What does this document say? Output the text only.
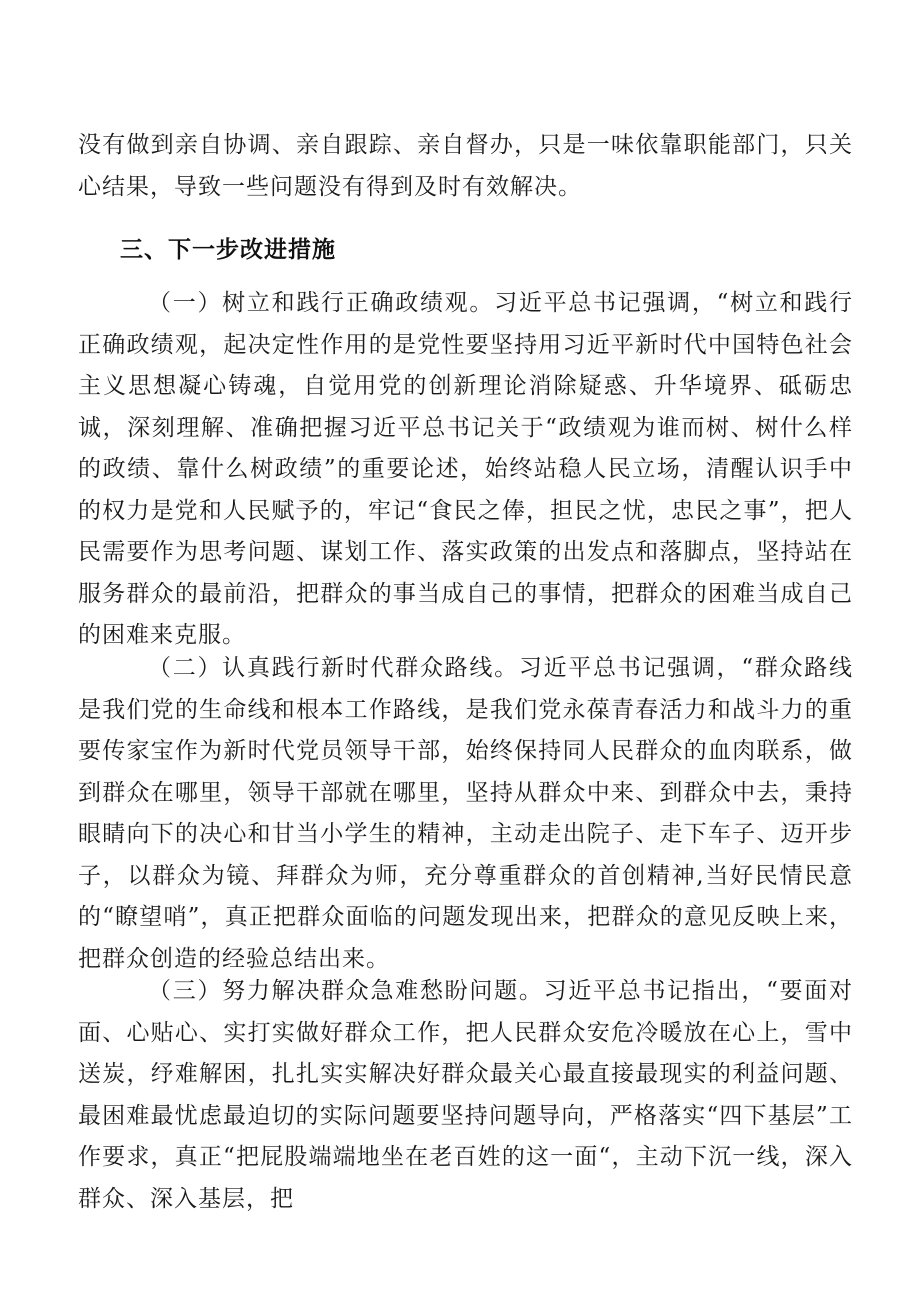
没有做到亲自协调、亲自跟踪、亲自督办，只是一味依靠职能部门，只关心结果，导致一些问题没有得到及时有效解决。

三、下一步改进措施

（一）树立和践行正确政绩观。习近平总书记强调，“树立和践行正确政绩观，起决定性作用的是党性要坚持用习近平新时代中国特色社会主义思想凝心铸魂，自觉用党的创新理论消除疑惑、升华境界、砥砺忠诚，深刻理解、准确把握习近平总书记关于“政绩观为谁而树、树什么样的政绩、靠什么树政绩”的重要论述，始终站稳人民立场，清醒认识手中的权力是党和人民赋予的，牢记“食民之俸，担民之忧，忠民之事”，把人民需要作为思考问题、谋划工作、落实政策的出发点和落脚点，坚持站在服务群众的最前沿，把群众的事当成自己的事情，把群众的困难当成自己的困难来克服。

（二）认真践行新时代群众路线。习近平总书记强调，“群众路线是我们党的生命线和根本工作路线，是我们党永葆青春活力和战斗力的重要传家宝作为新时代党员领导干部，始终保持同人民群众的血肉联系，做到群众在哪里，领导干部就在哪里，坚持从群众中来、到群众中去，秉持眼睛向下的决心和甘当小学生的精神，主动走出院子、走下车子、迈开步子，以群众为镜、拜群众为师，充分尊重群众的首创精神,当好民情民意的“瞭望哨”，真正把群众面临的问题发现出来，把群众的意见反映上来，把群众创造的经验总结出来。

（三）努力解决群众急难愁盼问题。习近平总书记指出，“要面对面、心贴心、实打实做好群众工作，把人民群众安危冷暖放在心上，雪中送炭，纾难解困，扎扎实实解决好群众最关心最直接最现实的利益问题、最困难最忧虑最迫切的实际问题要坚持问题导向，严格落实“四下基层”工作要求，真正“把屁股端端地坐在老百姓的这一面“，主动下沉一线，深入群众、深入基层，把
